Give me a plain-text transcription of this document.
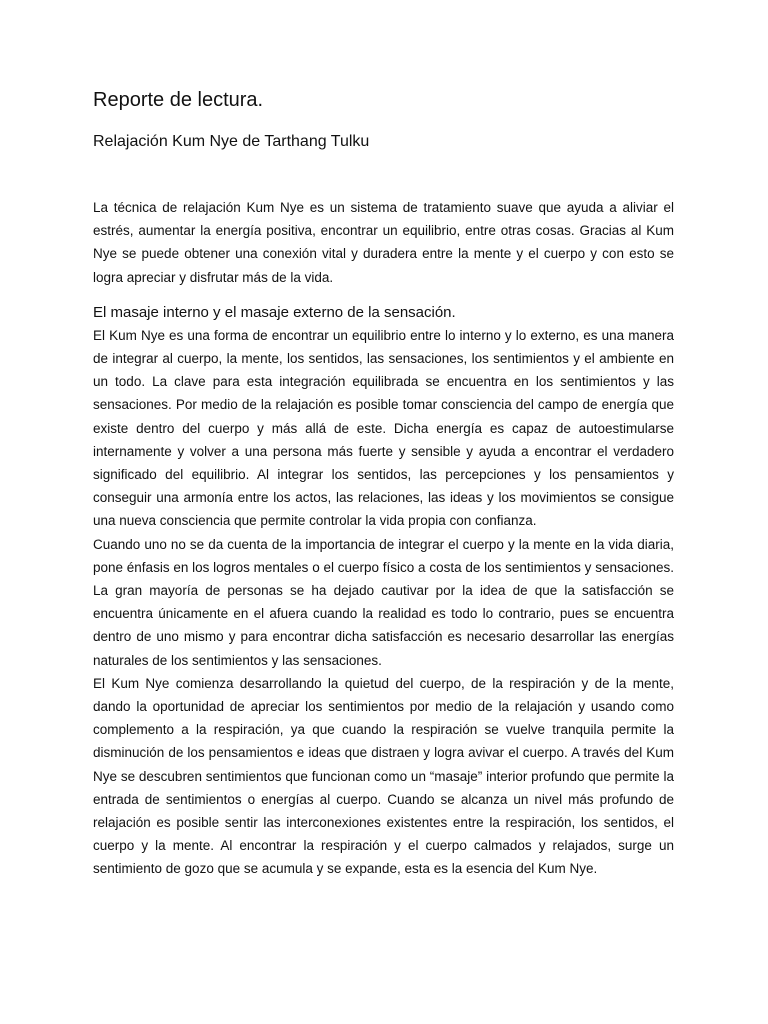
Reporte de lectura.
Relajación Kum Nye de Tarthang Tulku

La técnica de relajación Kum Nye es un sistema de tratamiento suave que ayuda a aliviar el estrés, aumentar la energía positiva, encontrar un equilibrio, entre otras cosas. Gracias al Kum Nye se puede obtener una conexión vital y duradera entre la mente y el cuerpo y con esto se logra apreciar y disfrutar más de la vida.

El masaje interno y el masaje externo de la sensación.

El Kum Nye es una forma de encontrar un equilibrio entre lo interno y lo externo, es una manera de integrar al cuerpo, la mente, los sentidos, las sensaciones, los sentimientos y el ambiente en un todo. La clave para esta integración equilibrada se encuentra en los sentimientos y las sensaciones. Por medio de la relajación es posible tomar consciencia del campo de energía que existe dentro del cuerpo y más allá de este. Dicha energía es capaz de autoestimularse internamente y volver a una persona más fuerte y sensible y ayuda a encontrar el verdadero significado del equilibrio. Al integrar los sentidos, las percepciones y los pensamientos y conseguir una armonía entre los actos, las relaciones, las ideas y los movimientos se consigue una nueva consciencia que permite controlar la vida propia con confianza.

Cuando uno no se da cuenta de la importancia de integrar el cuerpo y la mente en la vida diaria, pone énfasis en los logros mentales o el cuerpo físico a costa de los sentimientos y sensaciones. La gran mayoría de personas se ha dejado cautivar por la idea de que la satisfacción se encuentra únicamente en el afuera cuando la realidad es todo lo contrario, pues se encuentra dentro de uno mismo y para encontrar dicha satisfacción es necesario desarrollar las energías naturales de los sentimientos y las sensaciones.

El Kum Nye comienza desarrollando la quietud del cuerpo, de la respiración y de la mente, dando la oportunidad de apreciar los sentimientos por medio de la relajación y usando como complemento a la respiración, ya que cuando la respiración se vuelve tranquila permite la disminución de los pensamientos e ideas que distraen y logra avivar el cuerpo. A través del Kum Nye se descubren sentimientos que funcionan como un “masaje” interior profundo que permite la entrada de sentimientos o energías al cuerpo. Cuando se alcanza un nivel más profundo de relajación es posible sentir las interconexiones existentes entre la respiración, los sentidos, el cuerpo y la mente. Al encontrar la respiración y el cuerpo calmados y relajados, surge un sentimiento de gozo que se acumula y se expande, esta es la esencia del Kum Nye.
